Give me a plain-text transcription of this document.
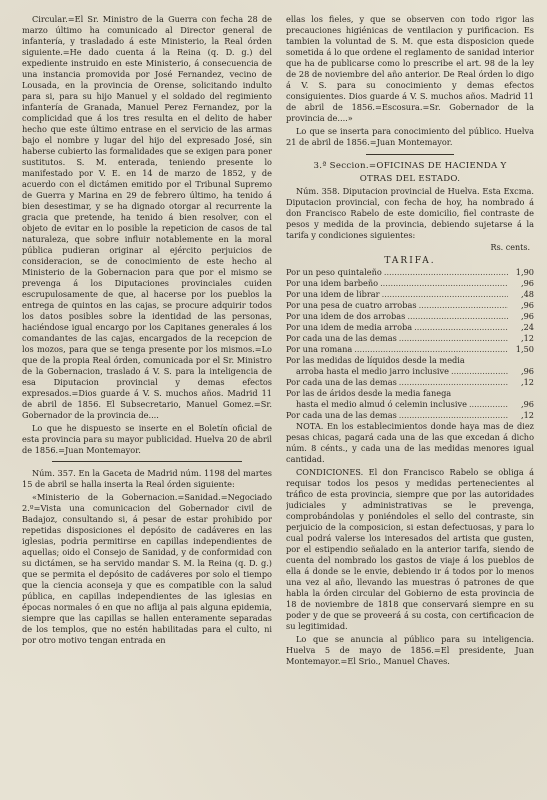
Circular.=El Sr. Ministro de la Guerra con fecha 28 de marzo último ha comunicado al Director general de infantería, y trasladado á este Ministerio, la Real órden siguiente.=He dado cuenta á la Reina (q. D. g.) del expediente instruido en este Ministerio, á consecuencia de una instancia promovida por José Fernandez, vecino de Lousada, en la provincia de Orense, solicitando indulto para si, para su hijo Manuel y el soldado del regimiento infantería de Granada, Manuel Perez Fernandez, por la complicidad que á los tres resulta en el delito de haber hecho que este último entrase en el servicio de las armas bajo el nombre y lugar del hijo del expresado José, sin haberse cubierto las formalidades que se exigen para poner sustitutos. S. M. enterada, teniendo presente lo manifestado por V. E. en 14 de marzo de 1852, y de acuerdo con el dictámen emitido por el Tribunal Supremo de Guerra y Marina en 29 de febrero último, ha tenido á bien desestimar, y se ha dignado otorgar al recurrente la gracia que pretende, ha tenido á bien resolver, con el objeto de evitar en lo posible la repeticion de casos de tal naturaleza, que sobre influir notablemente en la moral pública pudieran originar al ejército perjuicios de consideracion, se de conocimiento de este hecho al Ministerio de la Gobernacion para que por el mismo se prevenga á los Diputaciones provinciales cuiden escrupulosamente de que, al hacerse por los pueblos la entrega de quintos en las cajas, se procure adquirir todos los datos posibles sobre la identidad de las personas, haciéndose igual encargo por los Capitanes generales á los comandantes de las cajas, encargados de la recepcion de los mozos, para que se tenga presente por los mismos.=Lo que de la propia Real órden, comunicada por el Sr. Ministro de la Gobernacion, traslado á V. S. para la inteligencia de esa Diputacion provincial y demas efectos expresados.=Dios guarde á V. S. muchos años. Madrid 11 de abril de 1856. El Subsecretario, Manuel Gomez.=Sr. Gobernador de la provincia de....

Lo que he dispuesto se inserte en el Boletín oficial de esta provincia para su mayor publicidad. Huelva 20 de abril de 1856.=Juan Montemayor.

Núm. 357. En la Gaceta de Madrid núm. 1198 del martes 15 de abril se halla inserta la Real órden siguiente:

«Ministerio de la Gobernacion.=Sanidad.=Negociado 2.º=Vista una comunicacion del Gobernador civil de Badajoz, consultando si, á pesar de estar prohibido por repetidas disposiciones el depósito de cadáveres en las iglesias, podria permitirse en capillas independientes de aquellas; oido el Consejo de Sanidad, y de conformidad con su dictámen, se ha servido mandar S. M. la Reina (q. D. g.) que se permita el depósito de cadáveres por solo el tiempo que la ciencia aconseja y que es compatible con la salud pública, en capillas independientes de las iglesias en épocas normales ó en que no aflija al pais alguna epidemia, siempre que las capillas se hallen enteramente separadas de los templos, que no estén habilitadas para el culto, ni por otro motivo tengan entrada en

ellas los fieles, y que se observen con todo rigor las precauciones higiénicas de ventilacion y purificacion. Es tambien la voluntad de S. M. que esta disposicion quede sometida á lo que ordene el reglamento de sanidad interior que ha de publicarse como lo prescribe el art. 98 de la ley de 28 de noviembre del año anterior. De Real órden lo digo á V. S. para su conocimiento y demas efectos consiguientes. Dios guarde á V. S. muchos años. Madrid 11 de abril de 1856.=Escosura.=Sr. Gobernador de la provincia de....»

Lo que se inserta para conocimiento del público. Huelva 21 de abril de 1856.=Juan Montemayor.

3.ª Seccion.=OFICINAS DE HACIENDA Y
OTRAS DEL ESTADO.

Núm. 358. Diputacion provincial de Huelva. Esta Excma. Diputacion provincial, con fecha de hoy, ha nombrado á don Francisco Rabelo de este domicilio, fiel contraste de pesos y medida de la provincia, debiendo sujetarse á la tarifa y condiciones siguientes:

Rs. cents.
TARIFA.
Por un peso quintaleño .....	1,90
Por una idem barbeño .....	,96
Por una idem de librar .....	,48
Por una pesa de cuatro arrobas .....	,96
Por una idem de dos arrobas .....	,96
Por una idem de media arroba .....	,24
Por cada una de las demas .....	,12
Por una romana .....	1,50
Por las medidas de líquidos desde la media
arroba hasta el medio jarro inclusive .....	,96
Por cada una de las demas .....	,12
Por las de áridos desde la media fanega
hasta el medio almud ó celemin inclusive .....	,96
Por cada una de las demas .....	,12

NOTA. En los establecimientos donde haya mas de diez pesas chicas, pagará cada una de las que excedan á dicho núm. 8 cénts., y cada una de las medidas menores igual cantidad.

CONDICIONES. El don Francisco Rabelo se obliga á requisar todos los pesos y medidas pertenecientes al tráfico de esta provincia, siempre que por las autoridades judiciales y administrativas se le prevenga, comprobándolas y poniéndoles el sello del contraste, sin perjuicio de la composicion, si estan defectuosas, y para lo cual podrá valerse los interesados del artista que gusten, por el estipendio señalado en la anterior tarifa, siendo de cuenta del nombrado los gastos de viaje á los pueblos de ella á donde se le envie, debiendo ir á todos por lo menos una vez al año, llevando las muestras ó patrones de que habla la órden circular del Gobierno de esta provincia de 18 de noviembre de 1818 que conservará siempre en su poder y de que se proveerá á su costa, con certificacion de su legitimidad.

Lo que se anuncia al público para su inteligencia. Huelva 5 de mayo de 1856.=El presidente, Juan Montemayor.=El Srio., Manuel Chaves.
